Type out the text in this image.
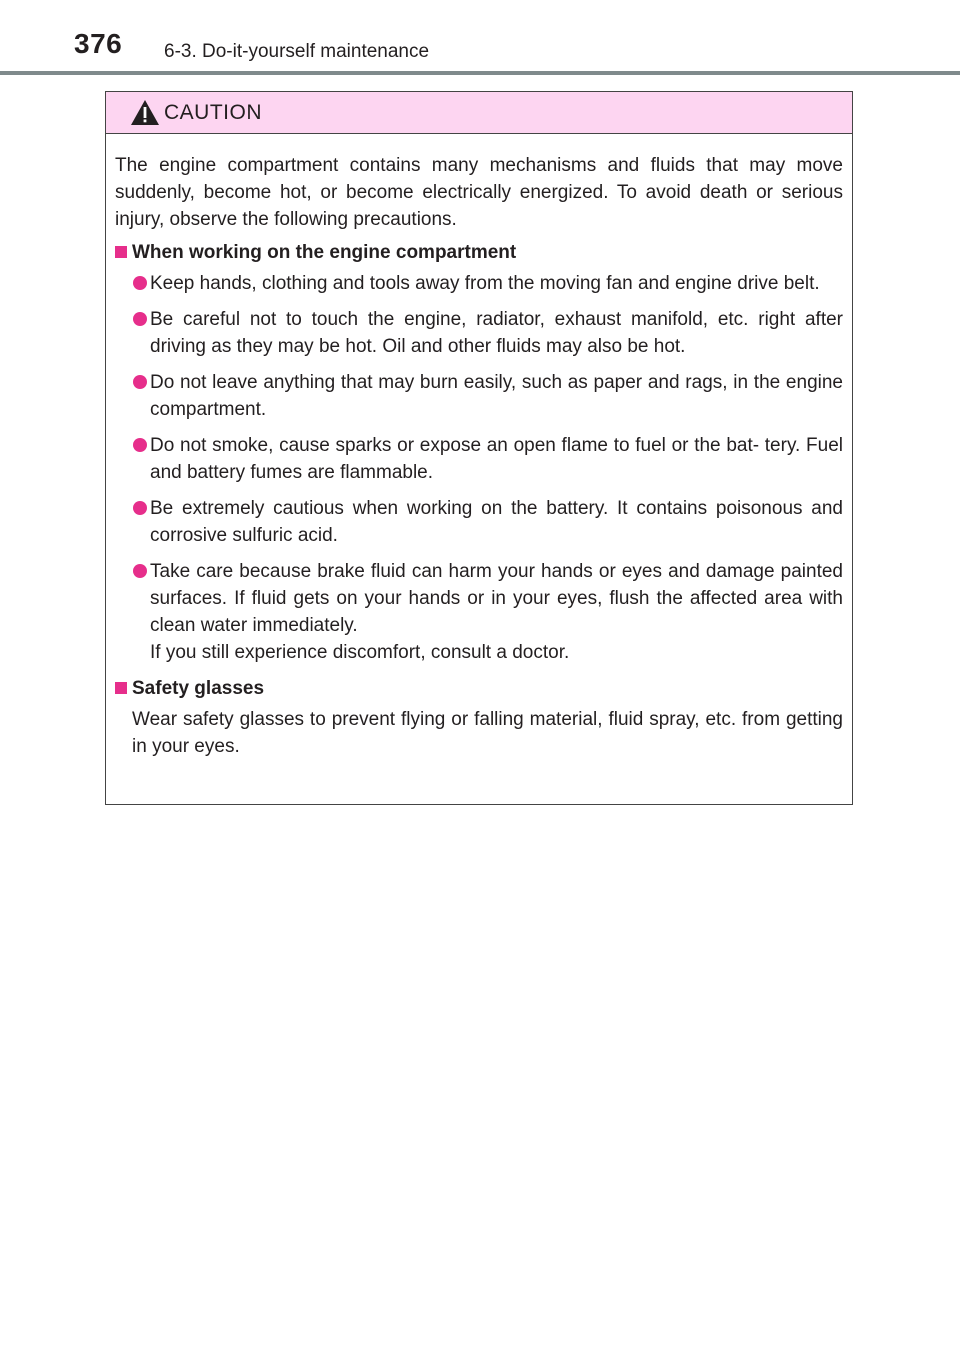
376 6-3. Do-it-yourself maintenance
CAUTION

The engine compartment contains many mechanisms and fluids that may move suddenly, become hot, or become electrically energized. To avoid death or serious injury, observe the following precautions.

When working on the engine compartment
Keep hands, clothing and tools away from the moving fan and engine drive belt.
Be careful not to touch the engine, radiator, exhaust manifold, etc. right after driving as they may be hot. Oil and other fluids may also be hot.
Do not leave anything that may burn easily, such as paper and rags, in the engine compartment.
Do not smoke, cause sparks or expose an open flame to fuel or the bat- tery. Fuel and battery fumes are flammable.
Be extremely cautious when working on the battery. It contains poisonous and corrosive sulfuric acid.
Take care because brake fluid can harm your hands or eyes and damage painted surfaces. If fluid gets on your hands or in your eyes, flush the affected area with clean water immediately.
If you still experience discomfort, consult a doctor.
Safety glasses

Wear safety glasses to prevent flying or falling material, fluid spray, etc. from getting in your eyes.
